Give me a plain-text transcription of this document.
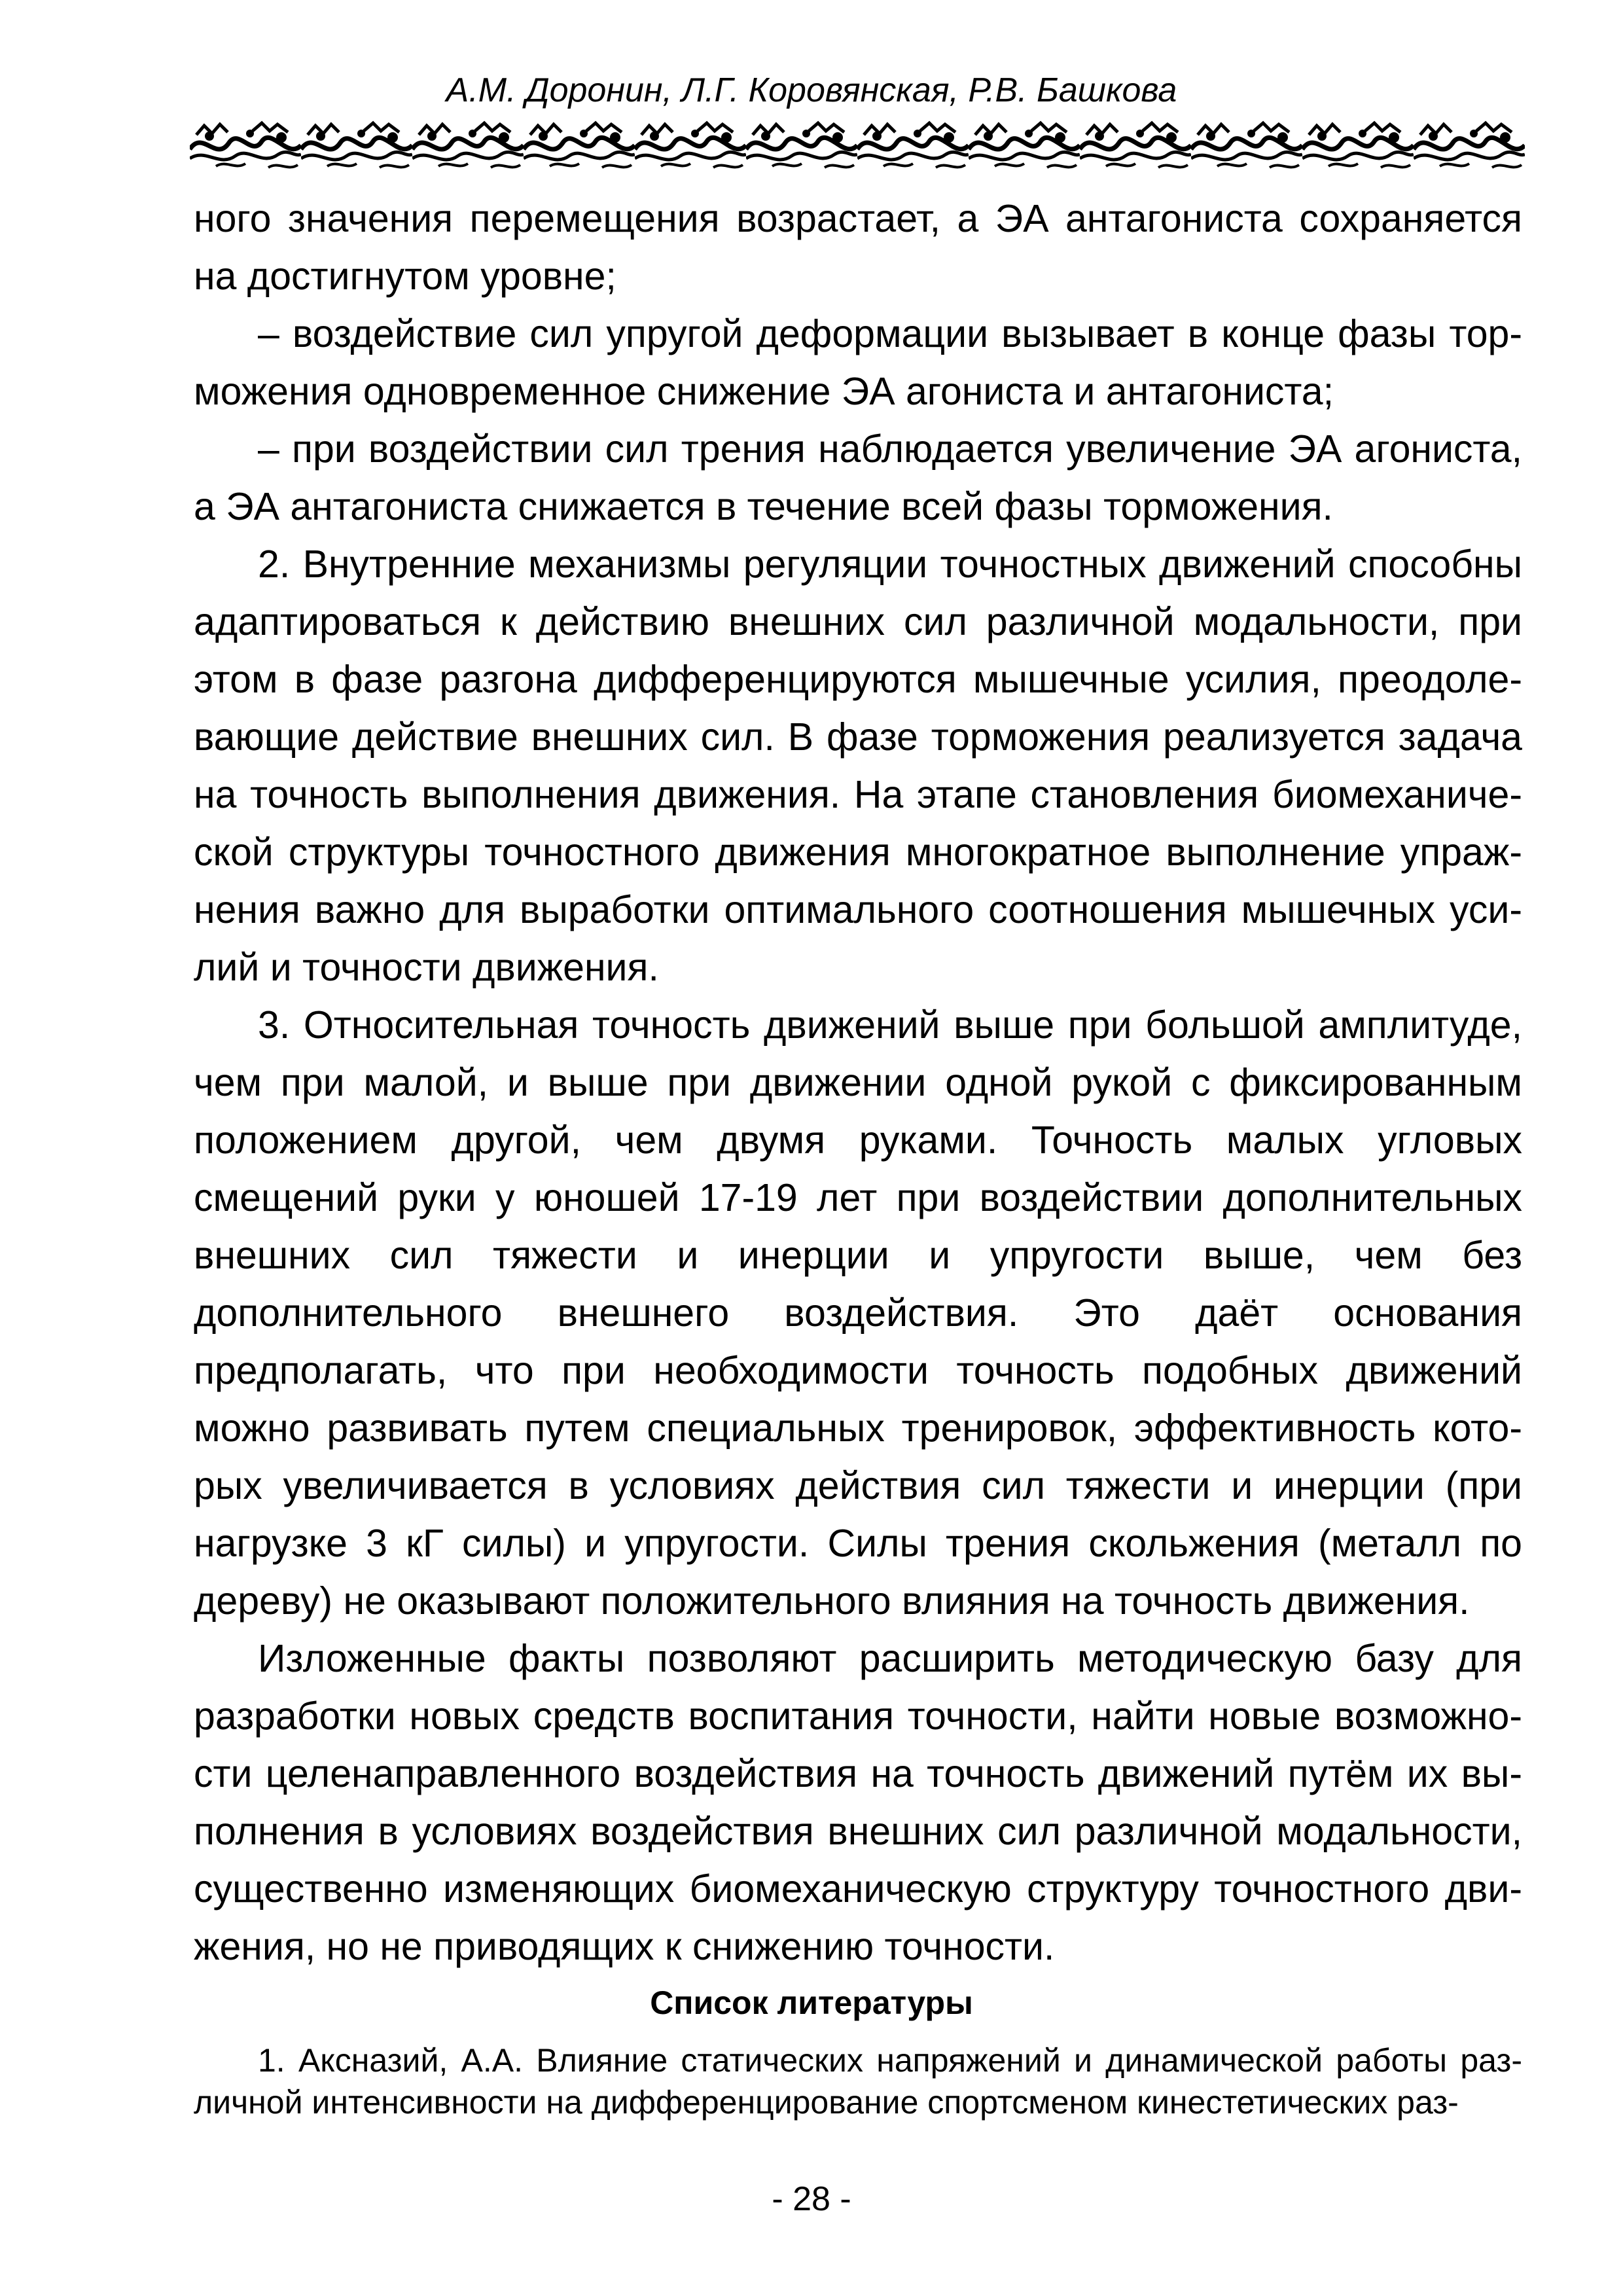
А.М. Доронин, Л.Г. Коровянская, Р.В. Башкова

ного значения перемещения возрастает, а ЭА антагониста сохраняется на достигнутом уровне;

– воздействие сил упругой деформации вызывает в конце фазы торможения одновременное снижение ЭА агониста и антагониста;

– при воздействии сил трения наблюдается увеличение ЭА агониста, а ЭА антагониста снижается в течение всей фазы торможения.

2. Внутренние механизмы регуляции точностных движений способны адаптироваться к действию внешних сил различной модальности, при этом в фазе разгона дифференцируются мышечные усилия, преодолевающие действие внешних сил. В фазе торможения реализуется задача на точность выполнения движения. На этапе становления биомеханической структуры точностного движения многократное выполнение упражнения важно для выработки оптимального соотношения мышечных усилий и точности движения.

3. Относительная точность движений выше при большой амплитуде, чем при малой, и выше при движении одной рукой с фиксированным положением другой, чем двумя руками. Точность малых угловых смещений руки у юношей 17-19 лет при воздействии дополнительных внешних сил тяжести и инерции и упругости выше, чем без дополнительного внешнего воздействия. Это даёт основания предполагать, что при необходимости точность подобных движений можно развивать путем специальных тренировок, эффективность которых увеличивается в условиях действия сил тяжести и инерции (при нагрузке 3 кГ силы) и упругости. Силы трения скольжения (металл по дереву) не оказывают положительного влияния на точность движения.

Изложенные факты позволяют расширить методическую базу для разработки новых средств воспитания точности, найти новые возможности целенаправленного воздействия на точность движений путём их выполнения в условиях воздействия внешних сил различной модальности, существенно изменяющих биомеханическую структуру точностного движения, но не приводящих к снижению точности.

Список литературы

1. Аксназий, А.А. Влияние статических напряжений и динамической работы различной интенсивности на дифференцирование спортсменом кинестетических раз-

- 28 -
